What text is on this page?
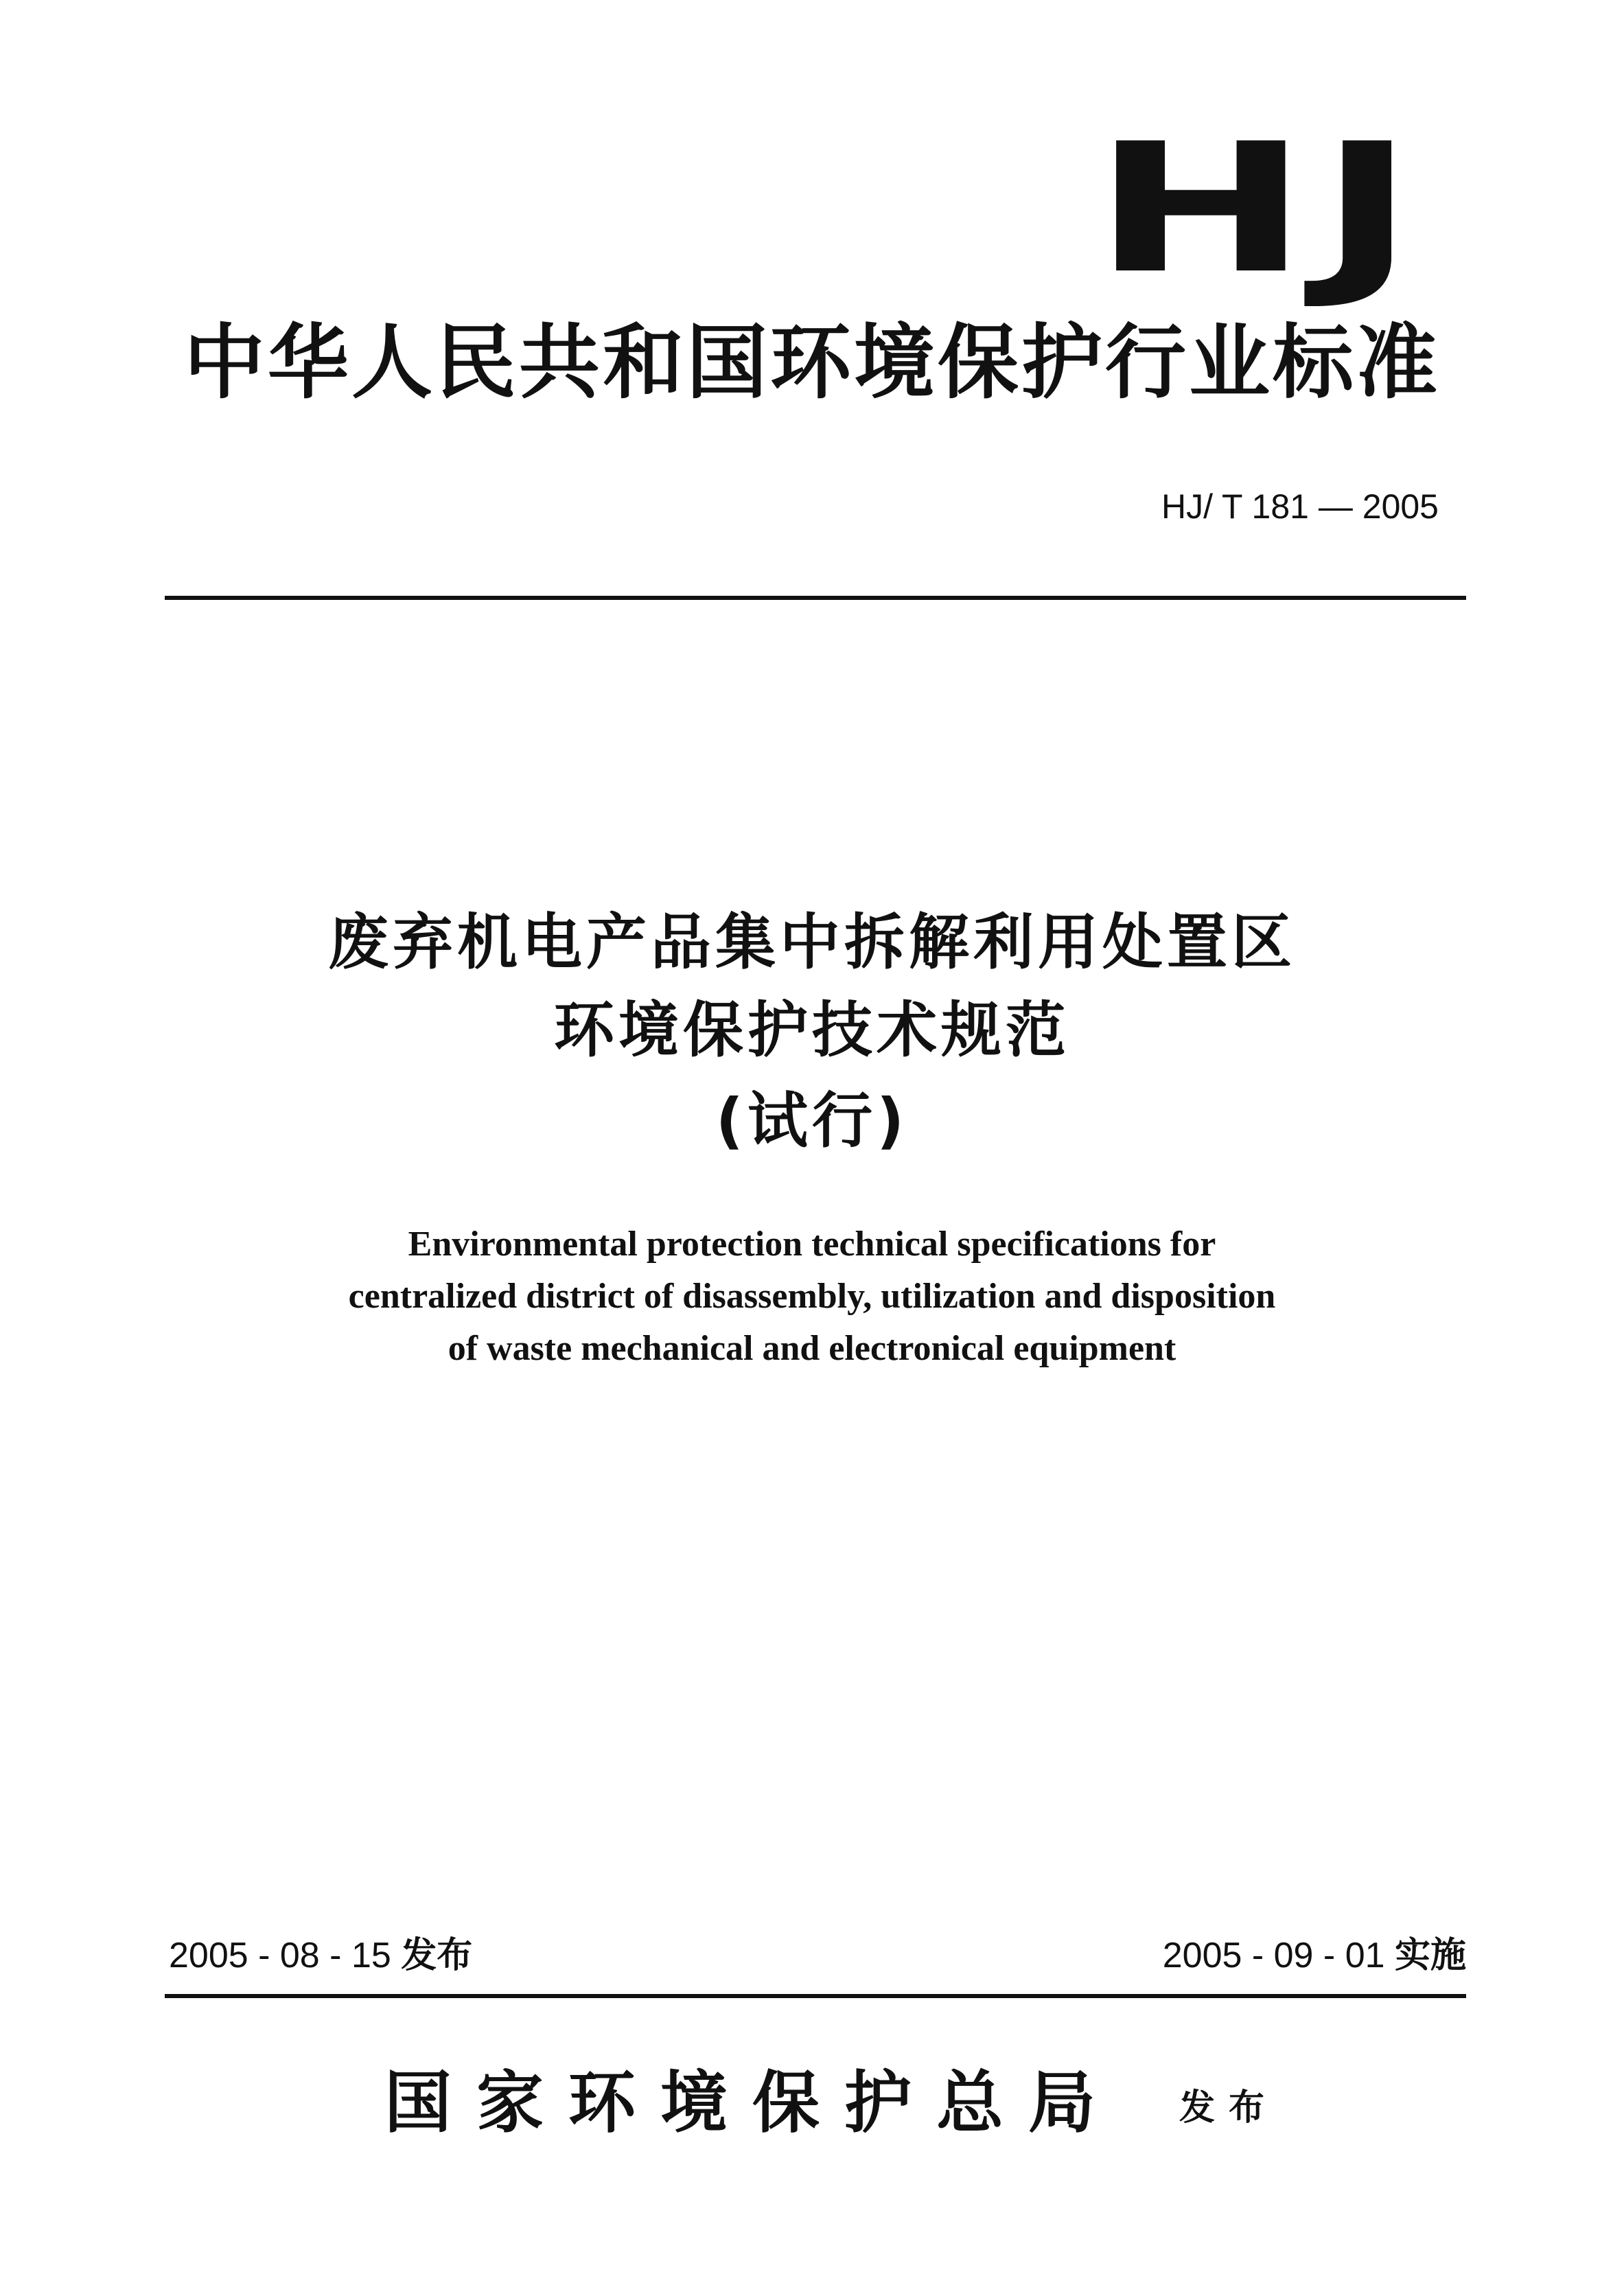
HJ
中华人民共和国环境保护行业标准
HJ/ T 181 — 2005
废弃机电产品集中拆解利用处置区
环境保护技术规范
(试行)
Environmental protection technical specifications for
centralized district of disassembly, utilization and disposition
of waste mechanical and electronical equipment
2005 - 08 - 15 发布	2005 - 09 - 01 实施
国家环境保护总局 发布
